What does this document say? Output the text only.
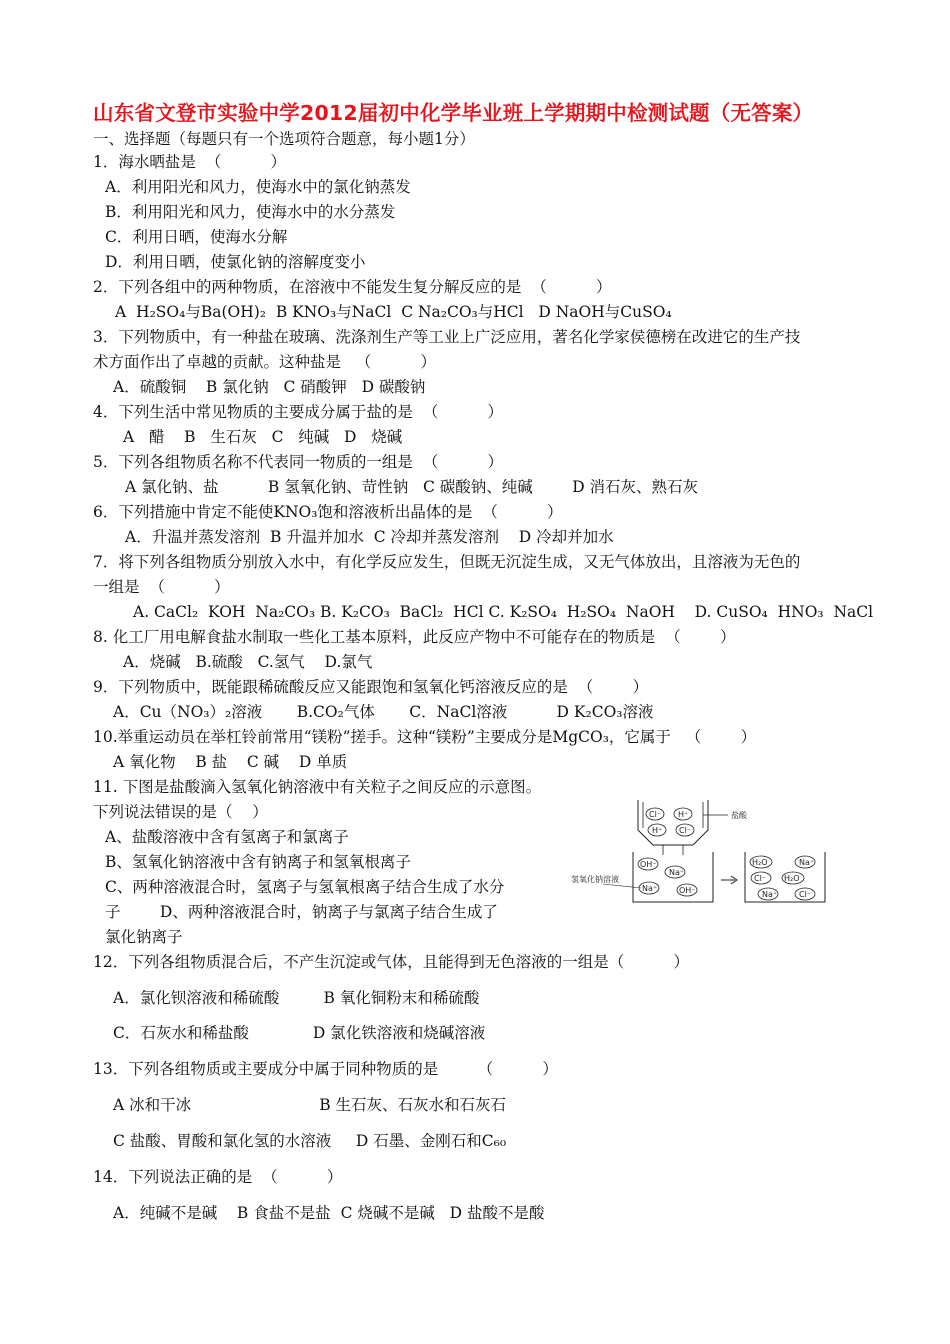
山东省文登市实验中学2012届初中化学毕业班上学期期中检测试题（无答案）
一、选择题（每题只有一个选项符合题意，每小题1分）
1．海水晒盐是  （          ）
A．利用阳光和风力，使海水中的氯化钠蒸发
B．利用阳光和风力，使海水中的水分蒸发
C．利用日晒，使海水分解
D．利用日晒，使氯化钠的溶解度变小
2．下列各组中的两种物质，在溶液中不能发生复分解反应的是  （          ）
A  H₂SO₄与Ba(OH)₂  B KNO₃与NaCl  C Na₂CO₃与HCl   D NaOH与CuSO₄
3．下列物质中，有一种盐在玻璃、洗涤剂生产等工业上广泛应用，著名化学家侯德榜在改进它的生产技
术方面作出了卓越的贡献。这种盐是   （          ）
A．硫酸铜    B 氯化钠   C 硝酸钾   D 碳酸钠
4．下列生活中常见物质的主要成分属于盐的是  （          ）
A   醋    B   生石灰   C   纯碱   D   烧碱
5．下列各组物质名称不代表同一物质的一组是  （          ）
A 氯化钠、盐          B 氢氧化钠、苛性钠   C 碳酸钠、纯碱        D 消石灰、熟石灰
6．下列措施中肯定不能使KNO₃饱和溶液析出晶体的是  （          ）
A．升温并蒸发溶剂  B 升温并加水  C 冷却并蒸发溶剂    D 冷却并加水
7．将下列各组物质分别放入水中，有化学反应发生，但既无沉淀生成，又无气体放出，且溶液为无色的
一组是  （          ）
A. CaCl₂  KOH  Na₂CO₃ B. K₂CO₃  BaCl₂  HCl C. K₂SO₄  H₂SO₄  NaOH    D. CuSO₄  HNO₃  NaCl
8. 化工厂用电解食盐水制取一些化工基本原料，此反应产物中不可能存在的物质是  （        ）
A．烧碱   B.硫酸   C.氢气    D.氯气
9．下列物质中，既能跟稀硫酸反应又能跟饱和氢氧化钙溶液反应的是  （        ）
A．Cu（NO₃）₂溶液       B.CO₂气体       C．NaCl溶液          D K₂CO₃溶液
10.举重运动员在举杠铃前常用“镁粉”搓手。这种“镁粉”主要成分是MgCO₃，它属于   （        ）
A 氧化物    B 盐    C 碱    D 单质
11. 下图是盐酸滴入氢氧化钠溶液中有关粒子之间反应的示意图。
下列说法错误的是（    ）
A、盐酸溶液中含有氢离子和氯离子
B、氢氧化钠溶液中含有钠离子和氢氧根离子
C、两种溶液混合时，氢离子与氢氧根离子结合生成了水分
子        D、两种溶液混合时，钠离子与氯离子结合生成了
氯化钠离子
12．下列各组物质混合后，不产生沉淀或气体，且能得到无色溶液的一组是（          ）
A．氯化钡溶液和稀硫酸         B 氧化铜粉末和稀硫酸
C．石灰水和稀盐酸             D 氯化铁溶液和烧碱溶液
13．下列各组物质或主要成分中属于同种物质的是        （          ）
A 冰和干冰                          B 生石灰、石灰水和石灰石
C 盐酸、胃酸和氯化氢的水溶液     D 石墨、金刚石和C₆₀
14．下列说法正确的是  （          ）
A．纯碱不是碱    B 食盐不是盐  C 烧碱不是碱   D 盐酸不是酸
Cl⁻ H⁺
H⁺ Cl⁻
盐酸
OH⁻
Na⁺
Na⁺	OH⁻
氢氧化钠溶液
H₂O	Na⁺
Cl⁻ H₂O
Na⁺	Cl⁻
